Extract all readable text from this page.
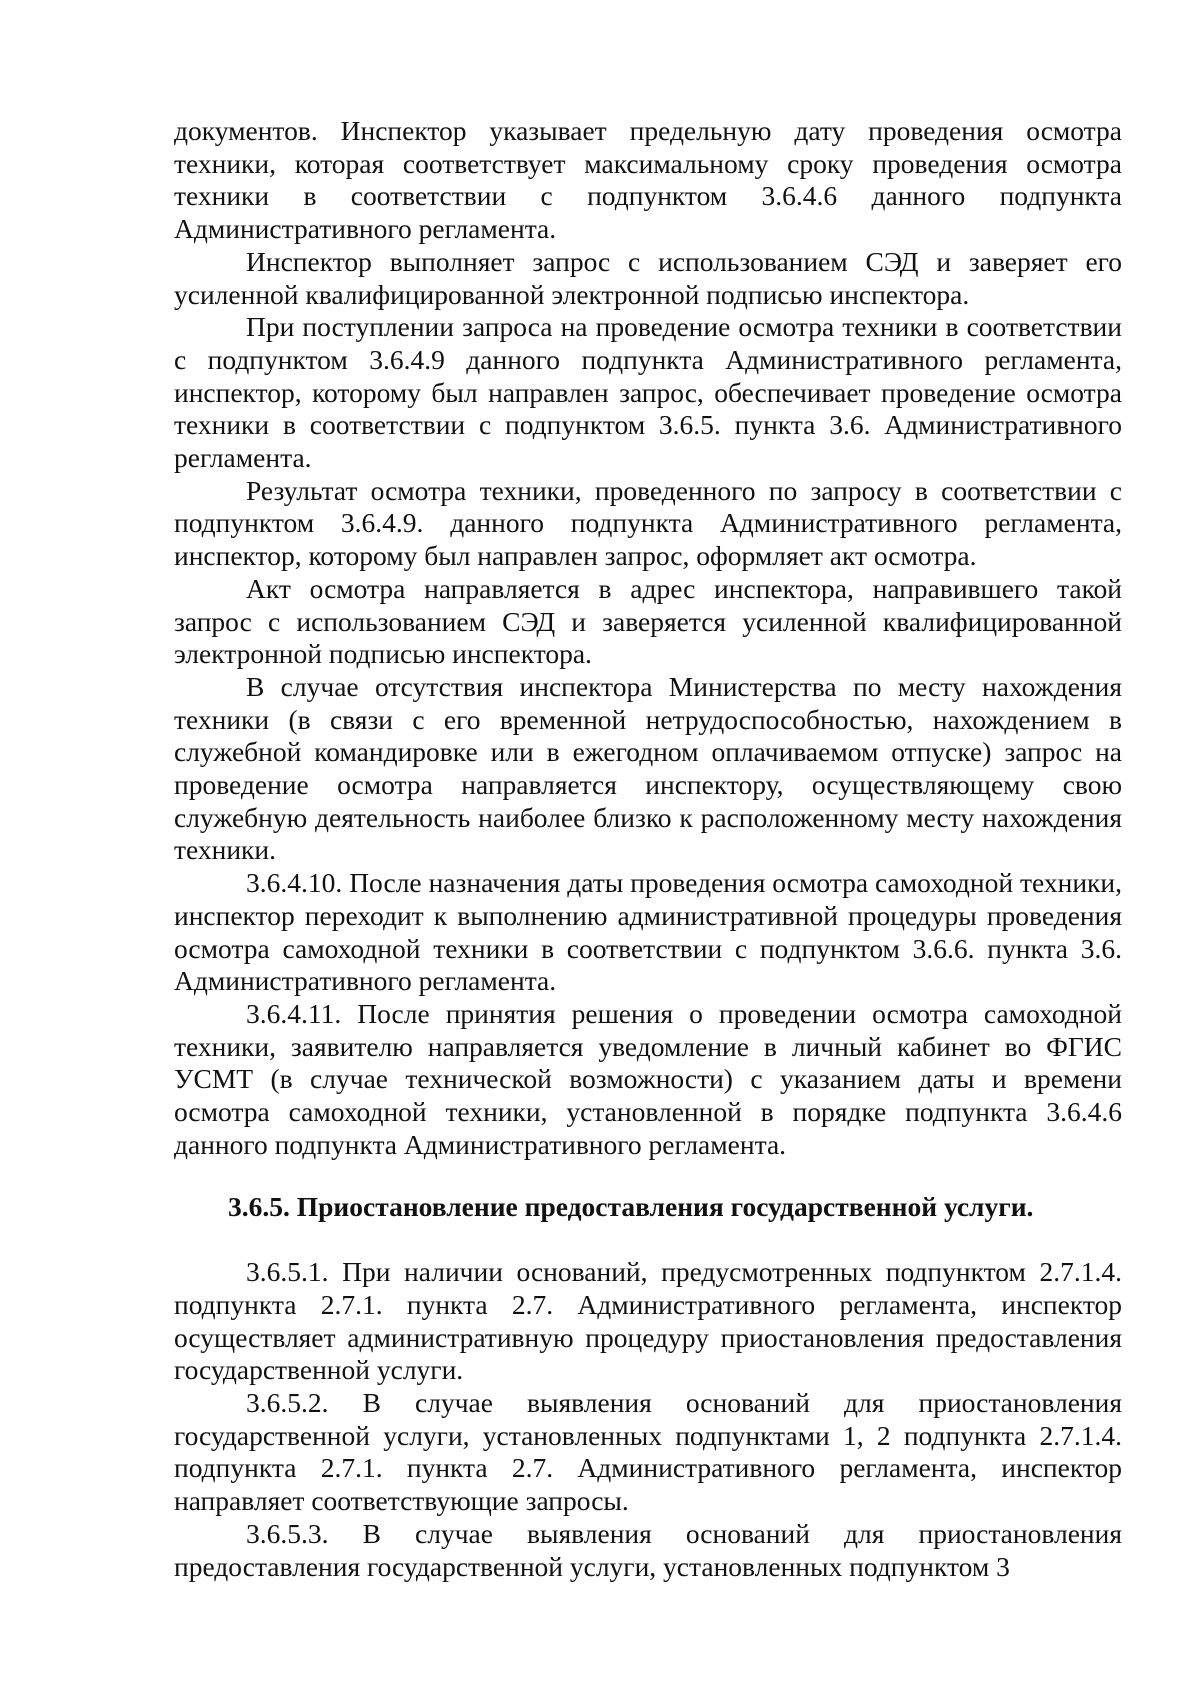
документов. Инспектор указывает предельную дату проведения осмотра техники, которая соответствует максимальному сроку проведения осмотра техники в соответствии с подпунктом 3.6.4.6 данного подпункта Административного регламента.

Инспектор выполняет запрос с использованием СЭД и заверяет его усиленной квалифицированной электронной подписью инспектора.

При поступлении запроса на проведение осмотра техники в соответствии с подпунктом 3.6.4.9 данного подпункта Административного регламента, инспектор, которому был направлен запрос, обеспечивает проведение осмотра техники в соответствии с подпунктом 3.6.5. пункта 3.6. Административного регламента.

Результат осмотра техники, проведенного по запросу в соответствии с подпунктом 3.6.4.9. данного подпункта Административного регламента, инспектор, которому был направлен запрос, оформляет акт осмотра.

Акт осмотра направляется в адрес инспектора, направившего такой запрос с использованием СЭД и заверяется усиленной квалифицированной электронной подписью инспектора.

В случае отсутствия инспектора Министерства по месту нахождения техники (в связи с его временной нетрудоспособностью, нахождением в служебной командировке или в ежегодном оплачиваемом отпуске) запрос на проведение осмотра направляется инспектору, осуществляющему свою служебную деятельность наиболее близко к расположенному месту нахождения техники.

3.6.4.10. После назначения даты проведения осмотра самоходной техники, инспектор переходит к выполнению административной процедуры проведения осмотра самоходной техники в соответствии с подпунктом 3.6.6. пункта 3.6. Административного регламента.

3.6.4.11. После принятия решения о проведении осмотра самоходной техники, заявителю направляется уведомление в личный кабинет во ФГИС УСМТ (в случае технической возможности) с указанием даты и времени осмотра самоходной техники, установленной в порядке подпункта 3.6.4.6 данного подпункта Административного регламента.

3.6.5. Приостановление предоставления государственной услуги.

3.6.5.1. При наличии оснований, предусмотренных подпунктом 2.7.1.4. подпункта 2.7.1. пункта 2.7. Административного регламента, инспектор осуществляет административную процедуру приостановления предоставления государственной услуги.

3.6.5.2. В случае выявления оснований для приостановления государственной услуги, установленных подпунктами 1, 2 подпункта 2.7.1.4. подпункта 2.7.1. пункта 2.7. Административного регламента, инспектор направляет соответствующие запросы.

3.6.5.3. В случае выявления оснований для приостановления предоставления государственной услуги, установленных подпунктом 3
